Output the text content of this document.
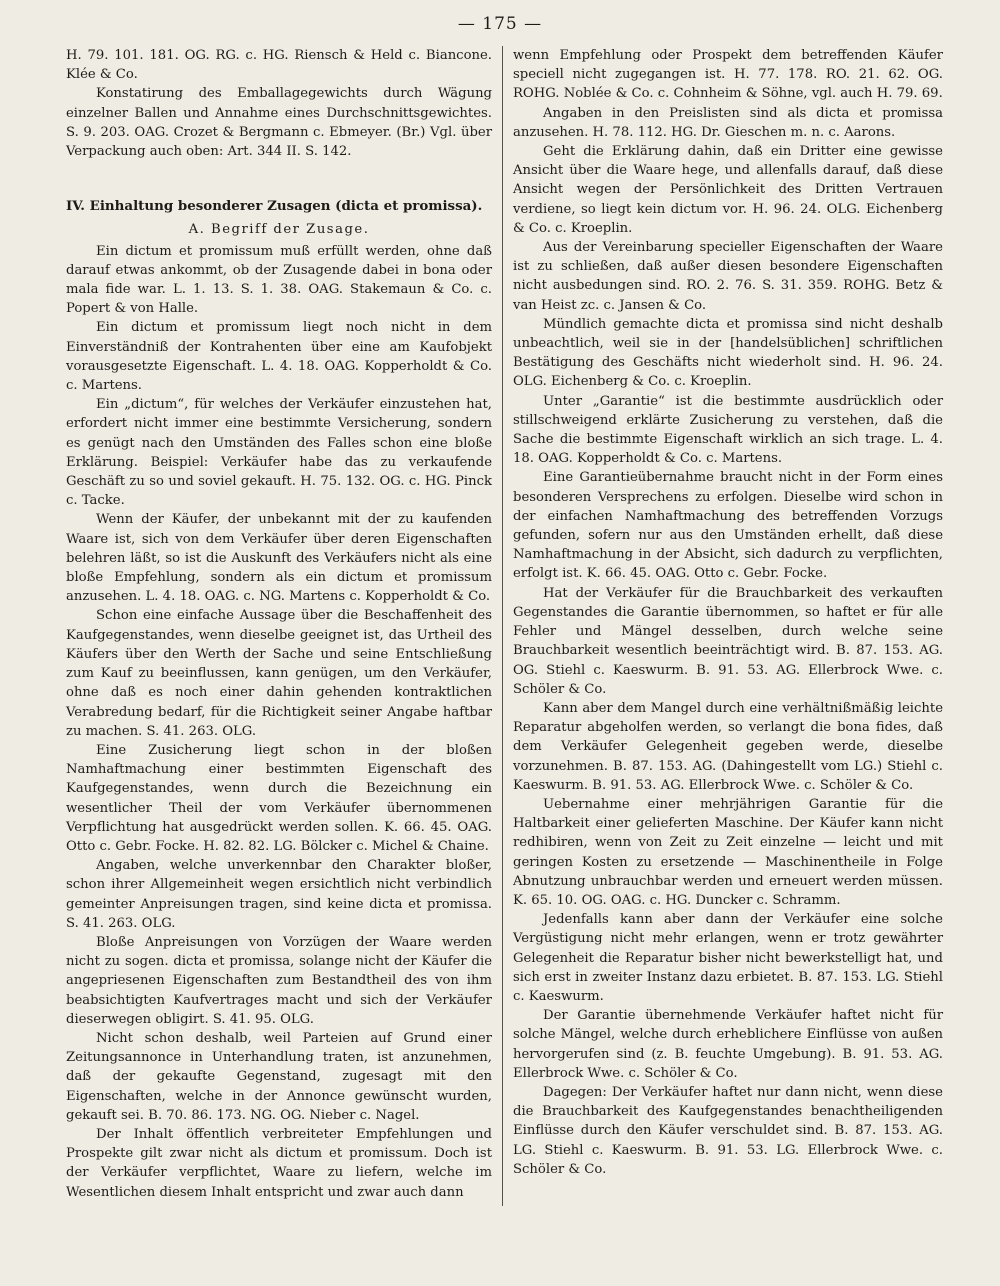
— 175 —

H. 79. 101. 181. OG. RG. c. HG. Riensch & Held c. Biancone. Klée & Co.

Konstatirung des Emballagegewichts durch Wägung einzelner Ballen und Annahme eines Durchschnittsgewichtes. S. 9. 203. OAG. Crozet & Bergmann c. Ebmeyer. (Br.) Vgl. über Verpackung auch oben: Art. 344 II. S. 142.

IV. Einhaltung besonderer Zusagen (dicta et promissa).

A. Begriff der Zusage.

Ein dictum et promissum muß erfüllt werden, ohne daß darauf etwas ankommt, ob der Zusagende dabei in bona oder mala fide war. L. 1. 13. S. 1. 38. OAG. Stakemaun & Co. c. Popert & von Halle.

Ein dictum et promissum liegt noch nicht in dem Einverständniß der Kontrahenten über eine am Kaufobjekt vorausgesetzte Eigenschaft. L. 4. 18. OAG. Kopperholdt & Co. c. Martens.

Ein „dictum“, für welches der Verkäufer einzustehen hat, erfordert nicht immer eine bestimmte Versicherung, sondern es genügt nach den Umständen des Falles schon eine bloße Erklärung. Beispiel: Verkäufer habe das zu verkaufende Geschäft zu so und soviel gekauft. H. 75. 132. OG. c. HG. Pinck c. Tacke.

Wenn der Käufer, der unbekannt mit der zu kaufenden Waare ist, sich von dem Verkäufer über deren Eigenschaften belehren läßt, so ist die Auskunft des Verkäufers nicht als eine bloße Empfehlung, sondern als ein dictum et promissum anzusehen. L. 4. 18. OAG. c. NG. Martens c. Kopperholdt & Co.

Schon eine einfache Aussage über die Beschaffenheit des Kaufgegenstandes, wenn dieselbe geeignet ist, das Urtheil des Käufers über den Werth der Sache und seine Entschließung zum Kauf zu beeinflussen, kann genügen, um den Verkäufer, ohne daß es noch einer dahin gehenden kontraktlichen Verabredung bedarf, für die Richtigkeit seiner Angabe haftbar zu machen. S. 41. 263. OLG.

Eine Zusicherung liegt schon in der bloßen Namhaftmachung einer bestimmten Eigenschaft des Kaufgegenstandes, wenn durch die Bezeichnung ein wesentlicher Theil der vom Verkäufer übernommenen Verpflichtung hat ausgedrückt werden sollen. K. 66. 45. OAG. Otto c. Gebr. Focke. H. 82. 82. LG. Bölcker c. Michel & Chaine.

Angaben, welche unverkennbar den Charakter bloßer, schon ihrer Allgemeinheit wegen ersichtlich nicht verbindlich gemeinter Anpreisungen tragen, sind keine dicta et promissa. S. 41. 263. OLG.

Bloße Anpreisungen von Vorzügen der Waare werden nicht zu sogen. dicta et promissa, solange nicht der Käufer die angepriesenen Eigenschaften zum Bestandtheil des von ihm beabsichtigten Kaufvertrages macht und sich der Verkäufer dieserwegen obligirt. S. 41. 95. OLG.

Nicht schon deshalb, weil Parteien auf Grund einer Zeitungsannonce in Unterhandlung traten, ist anzunehmen, daß der gekaufte Gegenstand, zugesagt mit den Eigenschaften, welche in der Annonce gewünscht wurden, gekauft sei. B. 70. 86. 173. NG. OG. Nieber c. Nagel.

Der Inhalt öffentlich verbreiteter Empfehlungen und Prospekte gilt zwar nicht als dictum et promissum. Doch ist der Verkäufer verpflichtet, Waare zu liefern, welche im Wesentlichen diesem Inhalt entspricht und zwar auch dann

wenn Empfehlung oder Prospekt dem betreffenden Käufer speciell nicht zugegangen ist. H. 77. 178. RO. 21. 62. OG. ROHG. Noblée & Co. c. Cohnheim & Söhne, vgl. auch H. 79. 69.

Angaben in den Preislisten sind als dicta et promissa anzusehen. H. 78. 112. HG. Dr. Gieschen m. n. c. Aarons.

Geht die Erklärung dahin, daß ein Dritter eine gewisse Ansicht über die Waare hege, und allenfalls darauf, daß diese Ansicht wegen der Persönlichkeit des Dritten Vertrauen verdiene, so liegt kein dictum vor. H. 96. 24. OLG. Eichenberg & Co. c. Kroeplin.

Aus der Vereinbarung specieller Eigenschaften der Waare ist zu schließen, daß außer diesen besondere Eigenschaften nicht ausbedungen sind. RO. 2. 76. S. 31. 359. ROHG. Betz & van Heist zc. c. Jansen & Co.

Mündlich gemachte dicta et promissa sind nicht deshalb unbeachtlich, weil sie in der [handelsüblichen] schriftlichen Bestätigung des Geschäfts nicht wiederholt sind. H. 96. 24. OLG. Eichenberg & Co. c. Kroeplin.

Unter „Garantie“ ist die bestimmte ausdrücklich oder stillschweigend erklärte Zusicherung zu verstehen, daß die Sache die bestimmte Eigenschaft wirklich an sich trage. L. 4. 18. OAG. Kopperholdt & Co. c. Martens.

Eine Garantieübernahme braucht nicht in der Form eines besonderen Versprechens zu erfolgen. Dieselbe wird schon in der einfachen Namhaftmachung des betreffenden Vorzugs gefunden, sofern nur aus den Umständen erhellt, daß diese Namhaftmachung in der Absicht, sich dadurch zu verpflichten, erfolgt ist. K. 66. 45. OAG. Otto c. Gebr. Focke.

Hat der Verkäufer für die Brauchbarkeit des verkauften Gegenstandes die Garantie übernommen, so haftet er für alle Fehler und Mängel desselben, durch welche seine Brauchbarkeit wesentlich beeinträchtigt wird. B. 87. 153. AG. OG. Stiehl c. Kaeswurm. B. 91. 53. AG. Ellerbrock Wwe. c. Schöler & Co.

Kann aber dem Mangel durch eine verhältnißmäßig leichte Reparatur abgeholfen werden, so verlangt die bona fides, daß dem Verkäufer Gelegenheit gegeben werde, dieselbe vorzunehmen. B. 87. 153. AG. (Dahingestellt vom LG.) Stiehl c. Kaeswurm. B. 91. 53. AG. Ellerbrock Wwe. c. Schöler & Co.

Uebernahme einer mehrjährigen Garantie für die Haltbarkeit einer gelieferten Maschine. Der Käufer kann nicht redhibiren, wenn von Zeit zu Zeit einzelne — leicht und mit geringen Kosten zu ersetzende — Maschinentheile in Folge Abnutzung unbrauchbar werden und erneuert werden müssen. K. 65. 10. OG. OAG. c. HG. Duncker c. Schramm.

Jedenfalls kann aber dann der Verkäufer eine solche Vergüstigung nicht mehr erlangen, wenn er trotz gewährter Gelegenheit die Reparatur bisher nicht bewerkstelligt hat, und sich erst in zweiter Instanz dazu erbietet. B. 87. 153. LG. Stiehl c. Kaeswurm.

Der Garantie übernehmende Verkäufer haftet nicht für solche Mängel, welche durch erheblichere Einflüsse von außen hervorgerufen sind (z. B. feuchte Umgebung). B. 91. 53. AG. Ellerbrock Wwe. c. Schöler & Co.

Dagegen: Der Verkäufer haftet nur dann nicht, wenn diese die Brauchbarkeit des Kaufgegenstandes benachtheiligenden Einflüsse durch den Käufer verschuldet sind. B. 87. 153. AG. LG. Stiehl c. Kaeswurm. B. 91. 53. LG. Ellerbrock Wwe. c. Schöler & Co.
